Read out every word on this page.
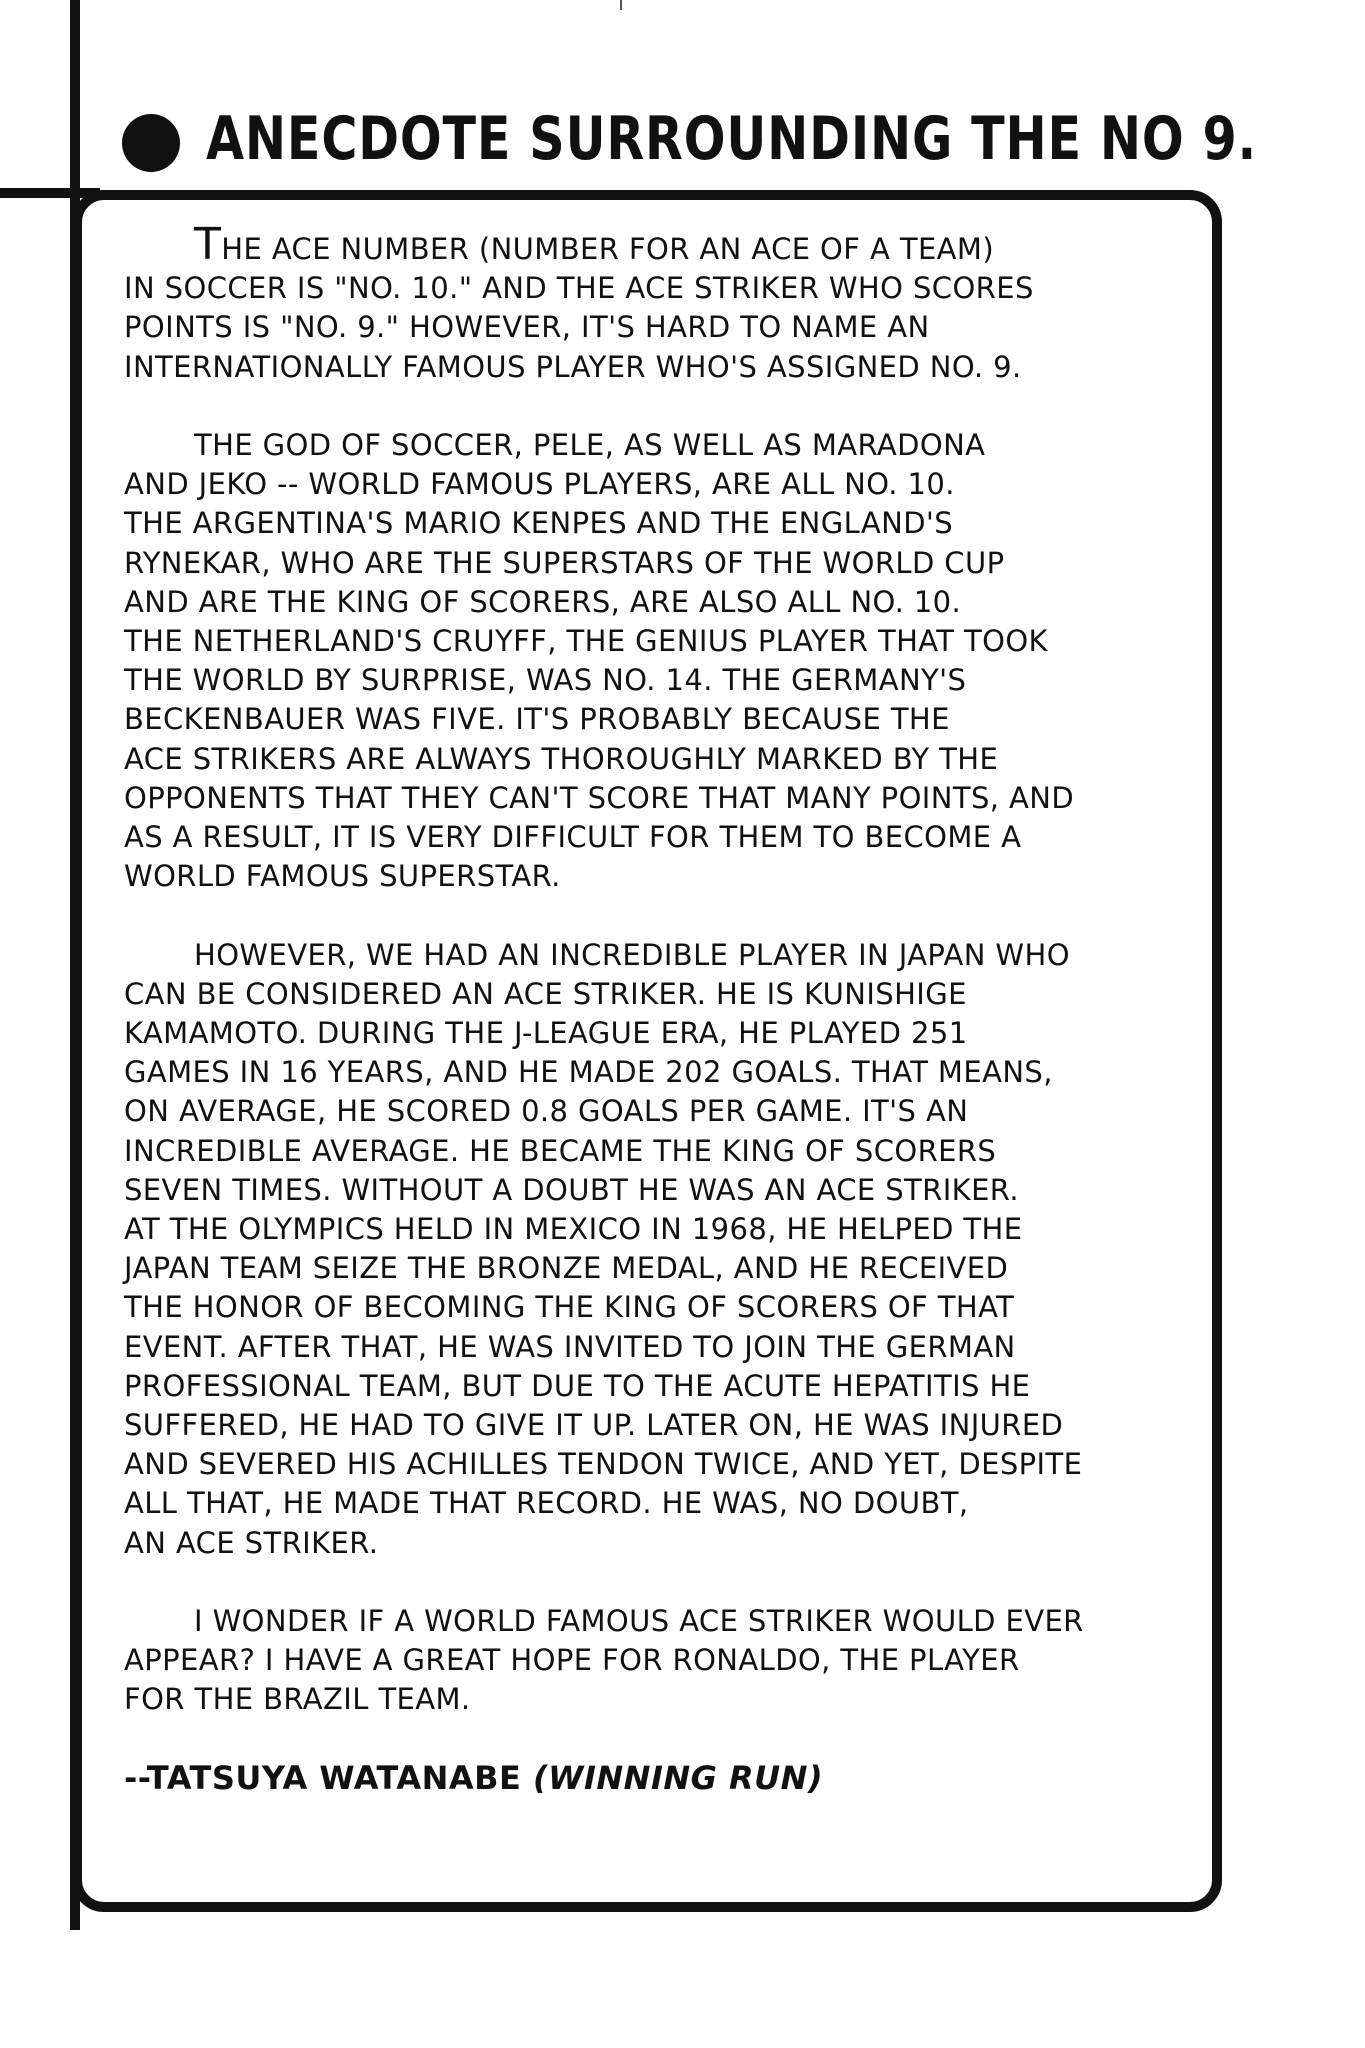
ANECDOTE SURROUNDING THE NO 9.
THE ACE NUMBER (NUMBER FOR AN ACE OF A TEAM)
IN SOCCER IS "NO. 10." AND THE ACE STRIKER WHO SCORES
POINTS IS "NO. 9." HOWEVER, IT'S HARD TO NAME AN
INTERNATIONALLY FAMOUS PLAYER WHO'S ASSIGNED NO. 9.
THE GOD OF SOCCER, PELE, AS WELL AS MARADONA
AND JEKO -- WORLD FAMOUS PLAYERS, ARE ALL NO. 10.
THE ARGENTINA'S MARIO KENPES AND THE ENGLAND'S
RYNEKAR, WHO ARE THE SUPERSTARS OF THE WORLD CUP
AND ARE THE KING OF SCORERS, ARE ALSO ALL NO. 10.
THE NETHERLAND'S CRUYFF, THE GENIUS PLAYER THAT TOOK
THE WORLD BY SURPRISE, WAS NO. 14. THE GERMANY'S
BECKENBAUER WAS FIVE. IT'S PROBABLY BECAUSE THE
ACE STRIKERS ARE ALWAYS THOROUGHLY MARKED BY THE
OPPONENTS THAT THEY CAN'T SCORE THAT MANY POINTS, AND
AS A RESULT, IT IS VERY DIFFICULT FOR THEM TO BECOME A
WORLD FAMOUS SUPERSTAR.
HOWEVER, WE HAD AN INCREDIBLE PLAYER IN JAPAN WHO
CAN BE CONSIDERED AN ACE STRIKER. HE IS KUNISHIGE
KAMAMOTO. DURING THE J-LEAGUE ERA, HE PLAYED 251
GAMES IN 16 YEARS, AND HE MADE 202 GOALS. THAT MEANS,
ON AVERAGE, HE SCORED 0.8 GOALS PER GAME. IT'S AN
INCREDIBLE AVERAGE. HE BECAME THE KING OF SCORERS
SEVEN TIMES. WITHOUT A DOUBT HE WAS AN ACE STRIKER.
AT THE OLYMPICS HELD IN MEXICO IN 1968, HE HELPED THE
JAPAN TEAM SEIZE THE BRONZE MEDAL, AND HE RECEIVED
THE HONOR OF BECOMING THE KING OF SCORERS OF THAT
EVENT. AFTER THAT, HE WAS INVITED TO JOIN THE GERMAN
PROFESSIONAL TEAM, BUT DUE TO THE ACUTE HEPATITIS HE
SUFFERED, HE HAD TO GIVE IT UP. LATER ON, HE WAS INJURED
AND SEVERED HIS ACHILLES TENDON TWICE, AND YET, DESPITE
ALL THAT, HE MADE THAT RECORD. HE WAS, NO DOUBT,
AN ACE STRIKER.
I WONDER IF A WORLD FAMOUS ACE STRIKER WOULD EVER
APPEAR? I HAVE A GREAT HOPE FOR RONALDO, THE PLAYER
FOR THE BRAZIL TEAM.
--TATSUYA WATANABE (WINNING RUN)
